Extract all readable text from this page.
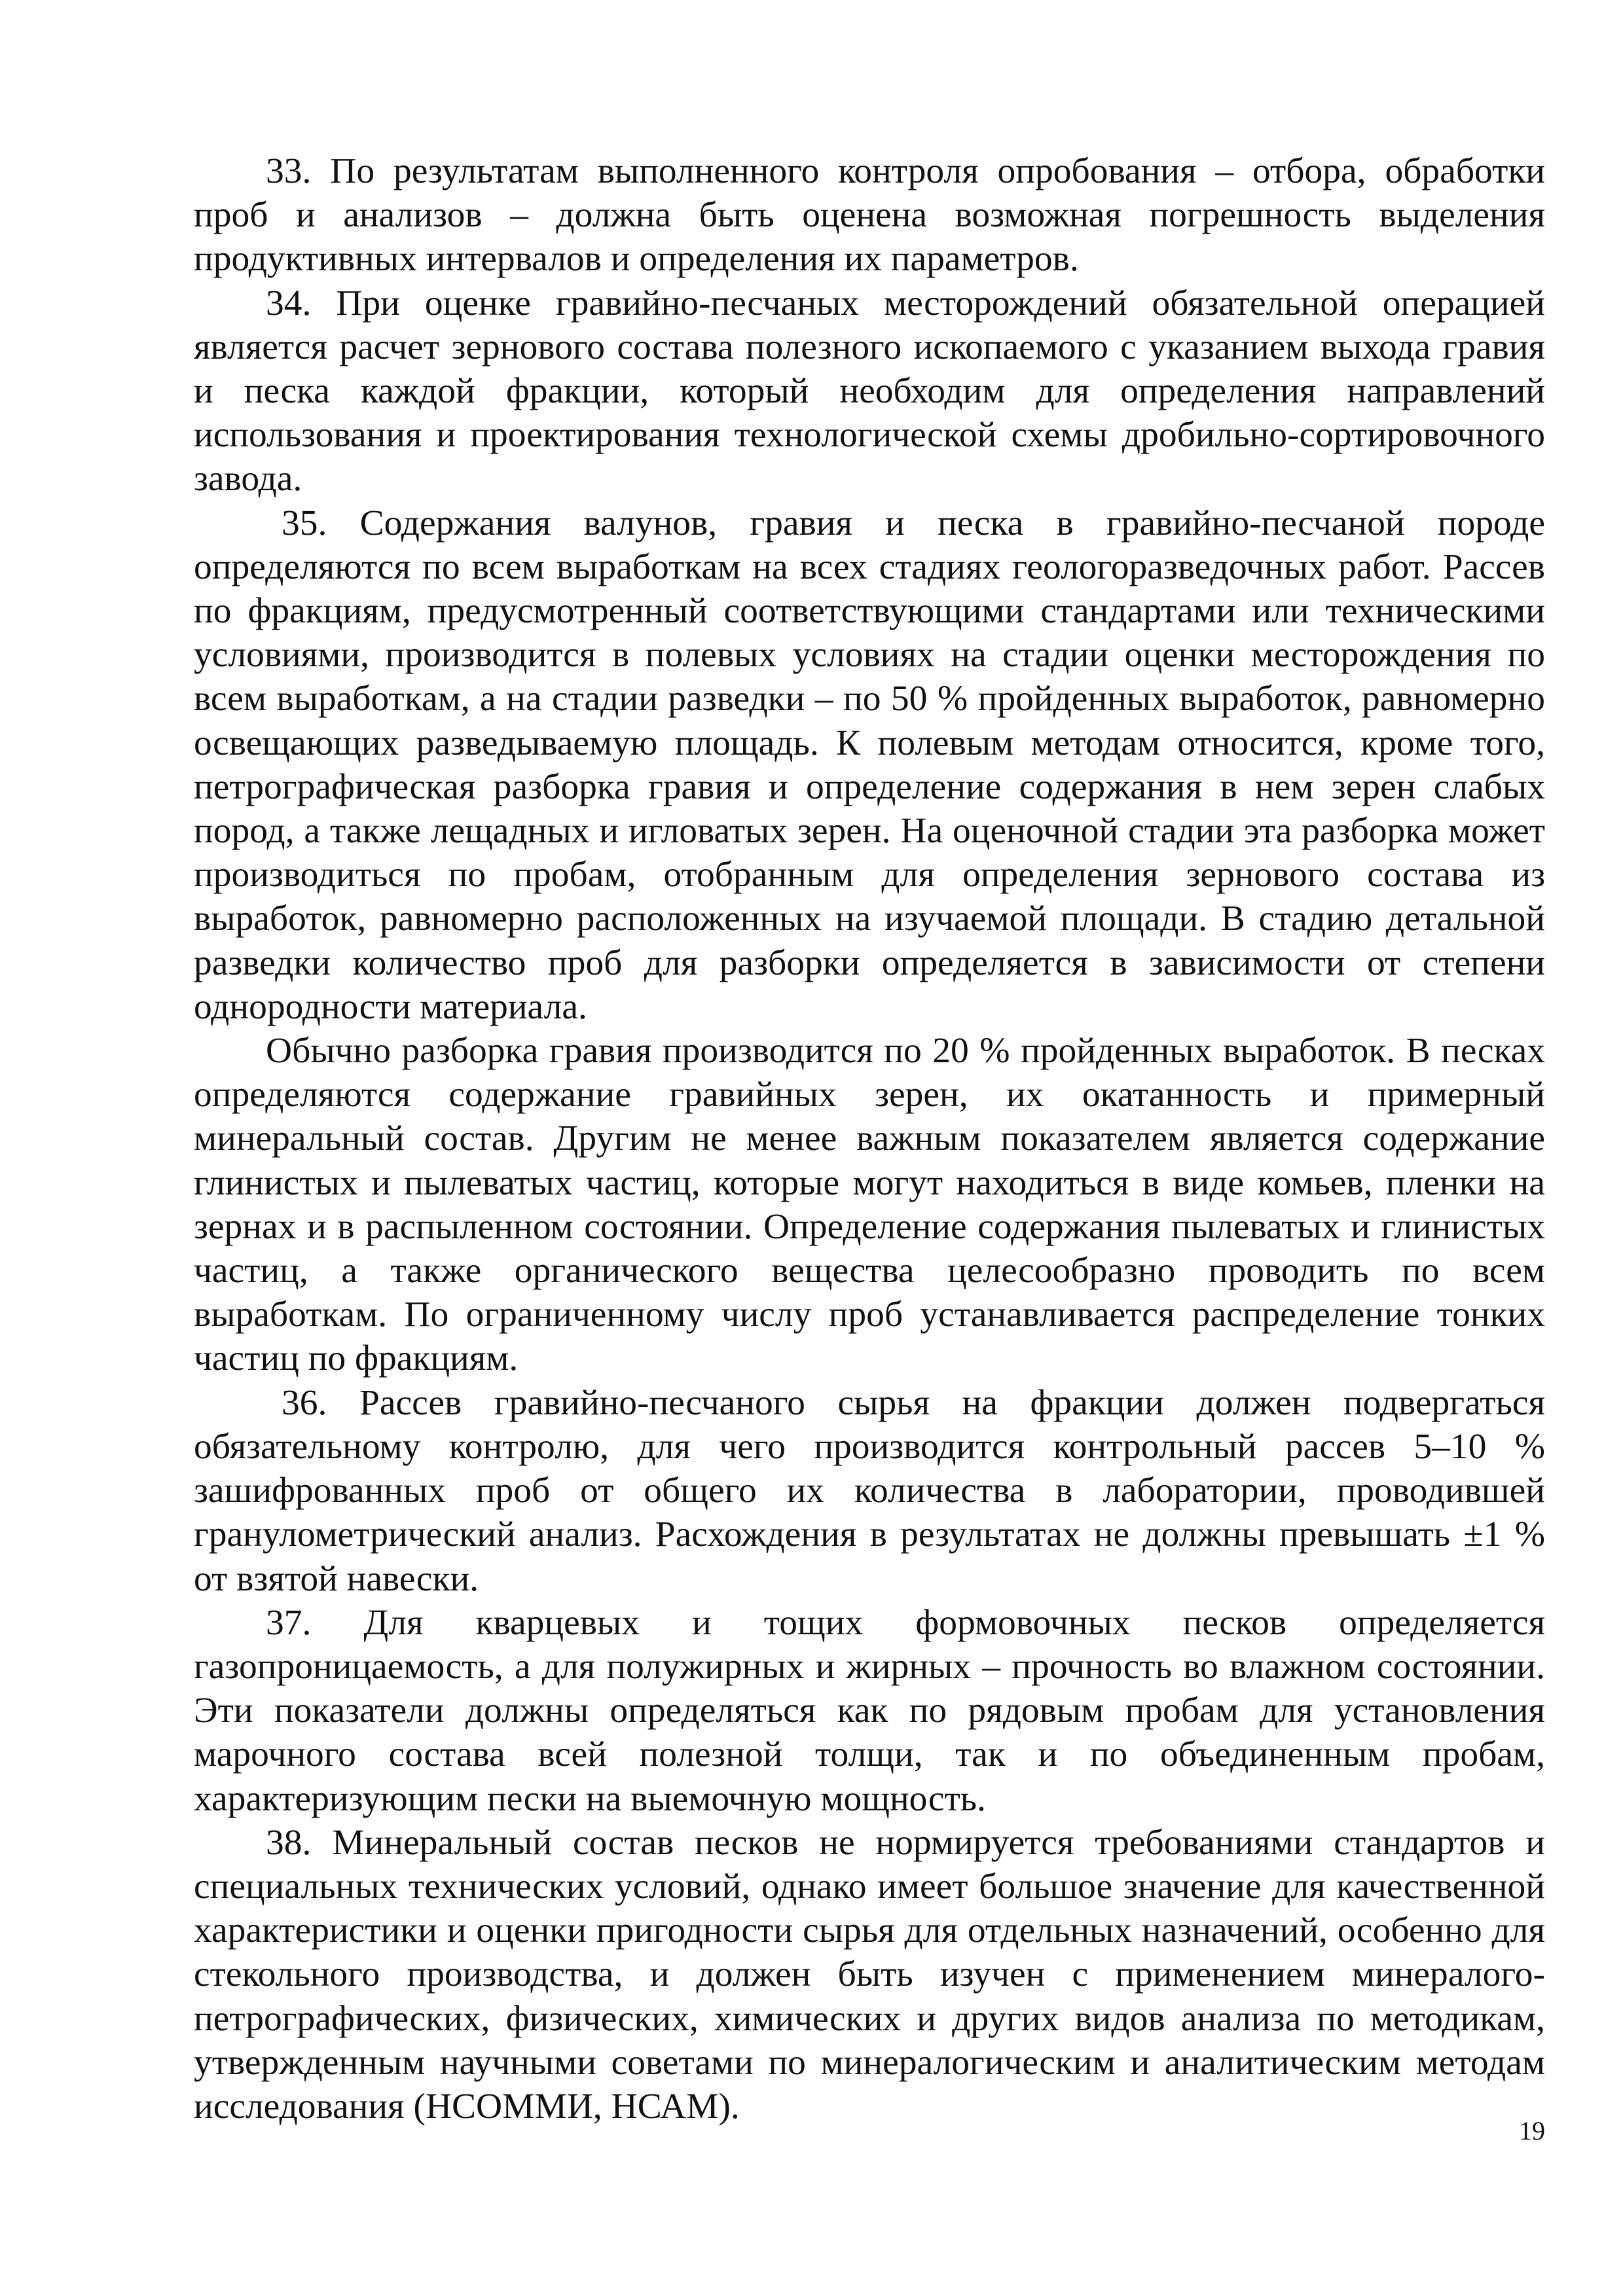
33. По результатам выполненного контроля опробования – отбора, обработки проб и анализов – должна быть оценена возможная погрешность выделения продуктивных интервалов и определения их параметров.

34. При оценке гравийно-песчаных месторождений обязательной операцией является расчет зернового состава полезного ископаемого с указанием выхода гравия и песка каждой фракции, который необходим для определения направлений использования и проектирования технологической схемы дробильно-сортировочного завода.

35. Содержания валунов, гравия и песка в гравийно-песчаной породе определяются по всем выработкам на всех стадиях геологоразведочных работ. Рассев по фракциям, предусмотренный соответствующими стандартами или техническими условиями, производится в полевых условиях на стадии оценки месторождения по всем выработкам, а на стадии разведки – по 50 % пройденных выработок, равномерно освещающих разведываемую площадь. К полевым методам относится, кроме того, петрографическая разборка гравия и определение содержания в нем зерен слабых пород, а также лещадных и игловатых зерен. На оценочной стадии эта разборка может производиться по пробам, отобранным для определения зернового состава из выработок, равномерно расположенных на изучаемой площади. В стадию детальной разведки количество проб для разборки определяется в зависимости от степени однородности материала.

Обычно разборка гравия производится по 20 % пройденных выработок. В песках определяются содержание гравийных зерен, их окатанность и примерный минеральный состав. Другим не менее важным показателем является содержание глинистых и пылеватых частиц, которые могут находиться в виде комьев, пленки на зернах и в распыленном состоянии. Определение содержания пылеватых и глинистых частиц, а также органического вещества целесообразно проводить по всем выработкам. По ограниченному числу проб устанавливается распределение тонких частиц по фракциям.

36. Рассев гравийно-песчаного сырья на фракции должен подвергаться обязательному контролю, для чего производится контрольный рассев 5–10 % зашифрованных проб от общего их количества в лаборатории, проводившей гранулометрический анализ. Расхождения в результатах не должны превышать ±1 % от взятой навески.

37. Для кварцевых и тощих формовочных песков определяется газопроницаемость, а для полужирных и жирных – прочность во влажном состоянии. Эти показатели должны определяться как по рядовым пробам для установления марочного состава всей полезной толщи, так и по объединенным пробам, характеризующим пески на выемочную мощность.

38. Минеральный состав песков не нормируется требованиями стандартов и специальных технических условий, однако имеет большое значение для качественной характеристики и оценки пригодности сырья для отдельных назначений, особенно для стекольного производства, и должен быть изучен с применением минералого-петрографических, физических, химических и других видов анализа по методикам, утвержденным научными советами по минералогическим и аналитическим методам исследования (НСОММИ, НСАМ).

19
